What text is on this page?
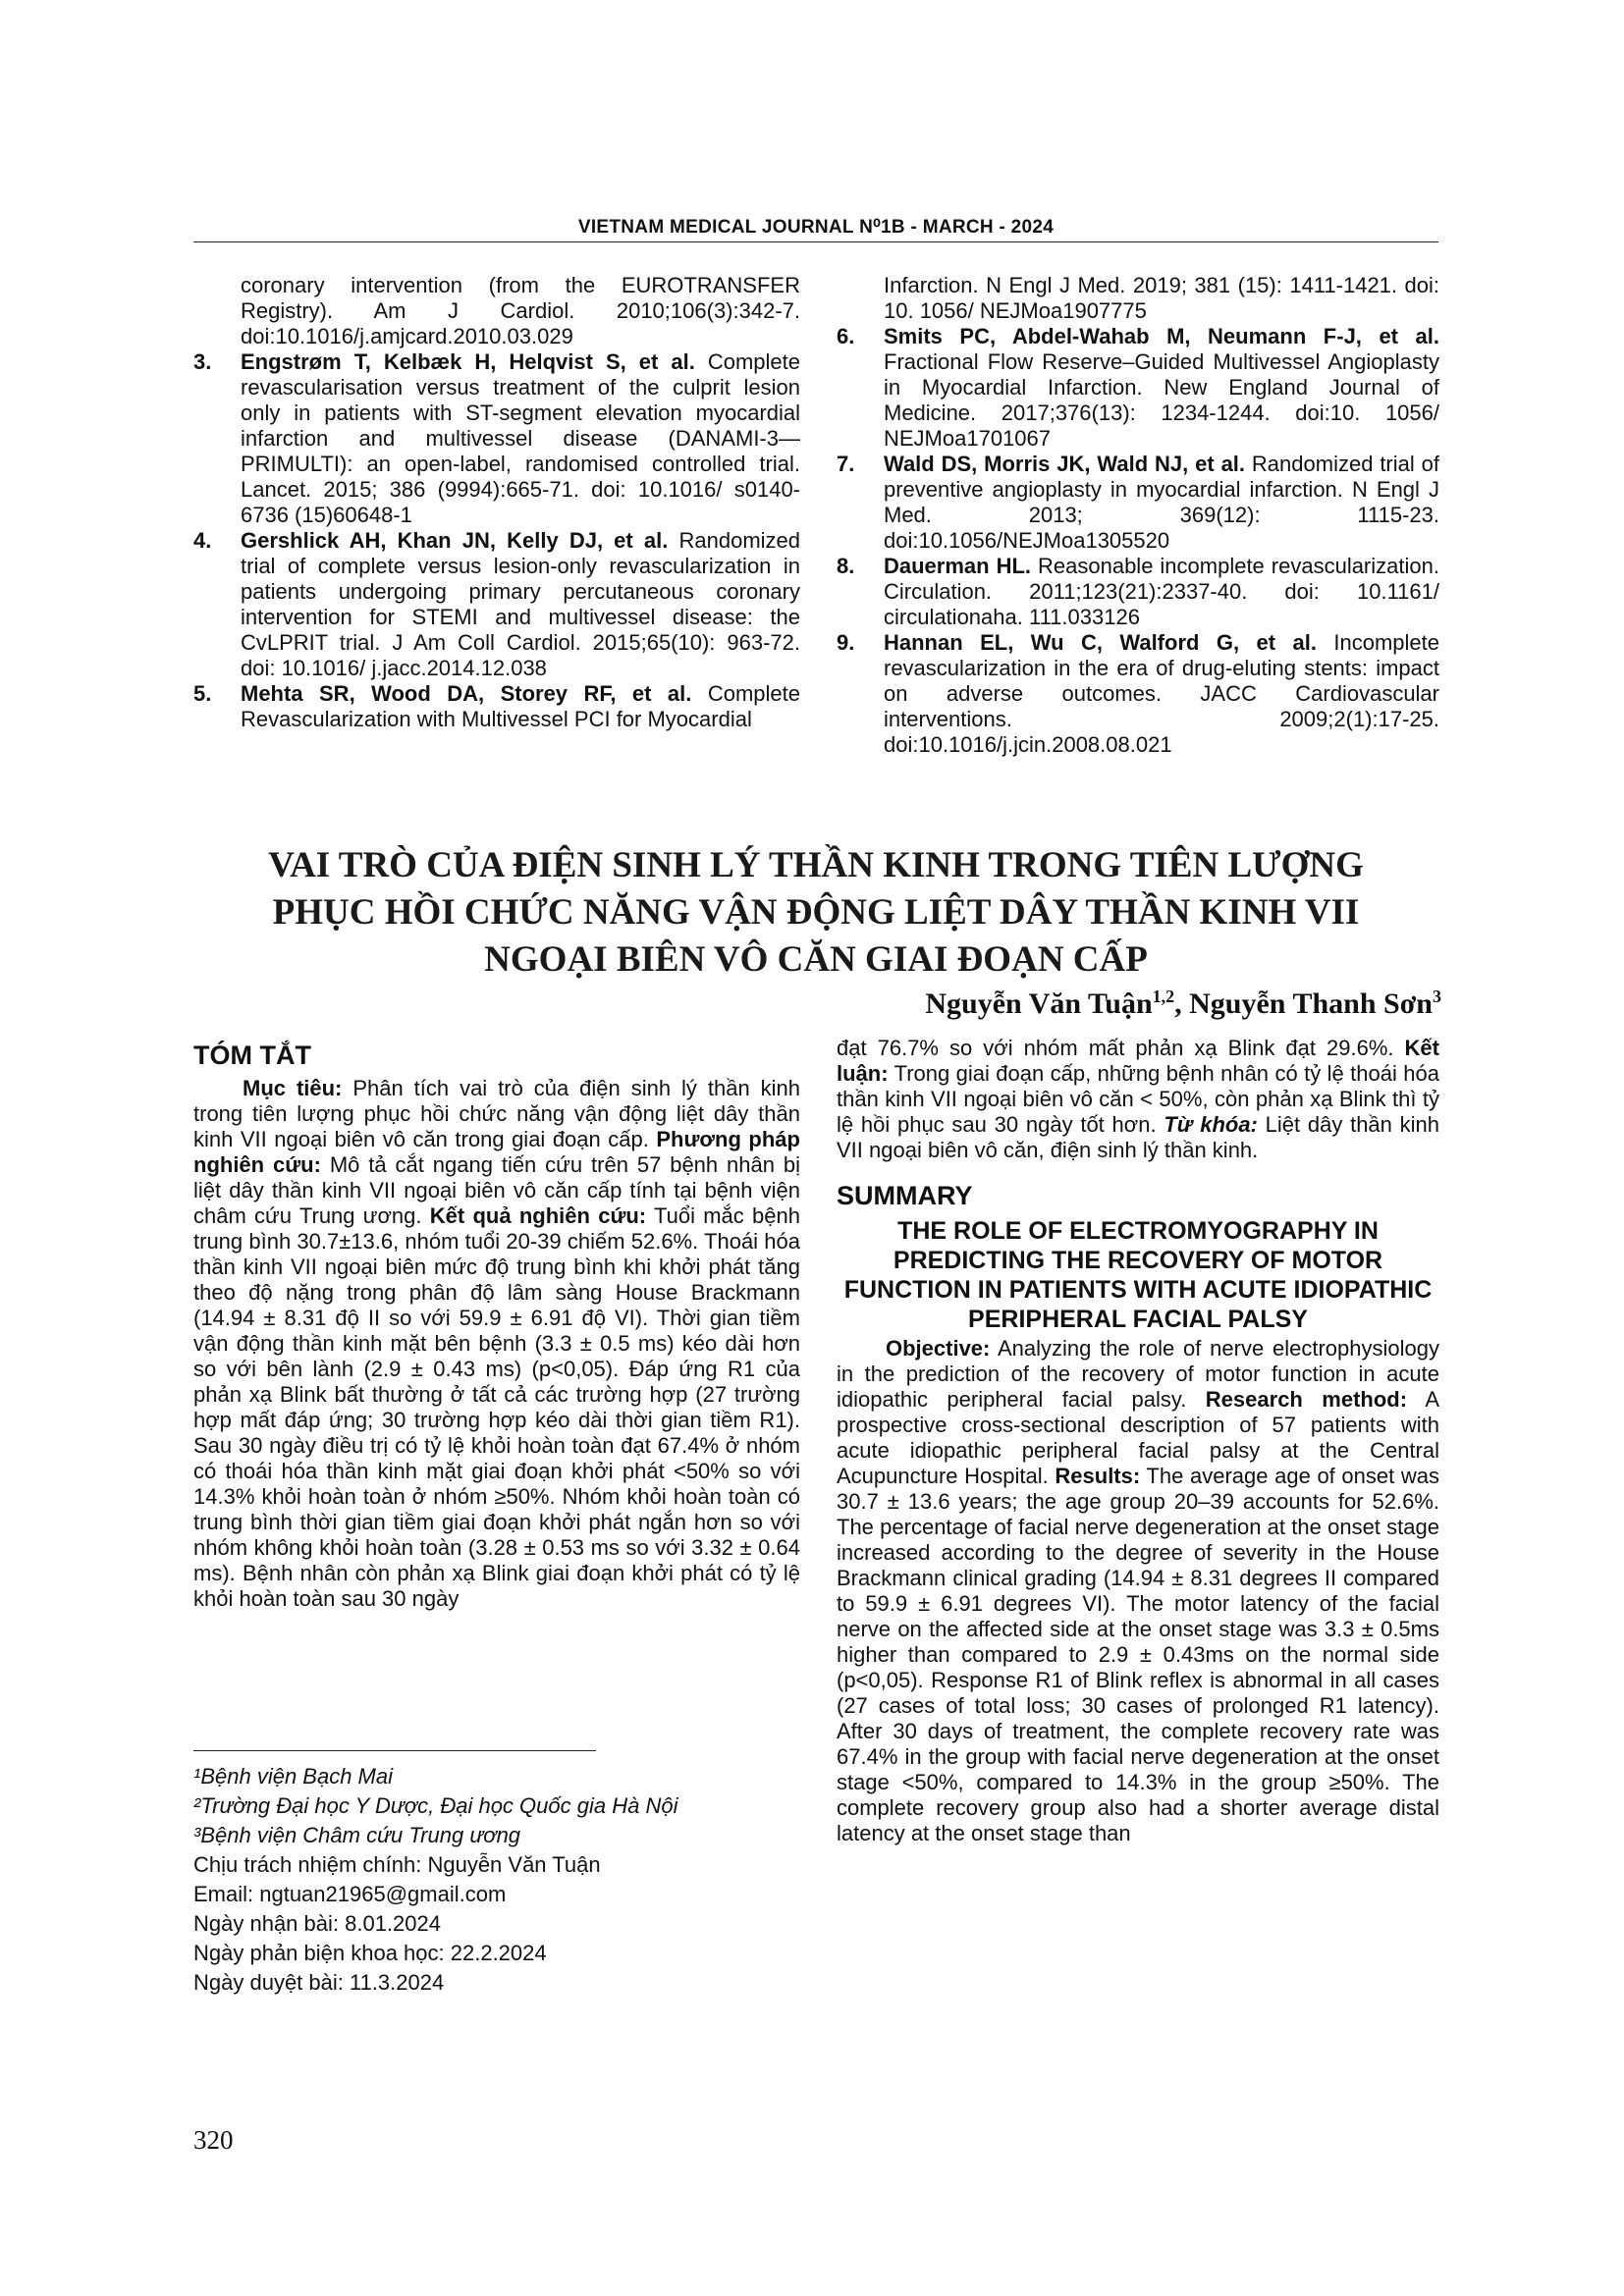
VIETNAM MEDICAL JOURNAL N⁰1B - MARCH - 2024

coronary intervention (from the EUROTRANSFER Registry). Am J Cardiol. 2010;106(3):342-7. doi:10.1016/j.amjcard.2010.03.029

3. Engstrøm T, Kelbæk H, Helqvist S, et al. Complete revascularisation versus treatment of the culprit lesion only in patients with ST-segment elevation myocardial infarction and multivessel disease (DANAMI-3—PRIMULTI): an open-label, randomised controlled trial. Lancet. 2015; 386 (9994):665-71. doi: 10.1016/ s0140-6736 (15)60648-1

4. Gershlick AH, Khan JN, Kelly DJ, et al. Randomized trial of complete versus lesion-only revascularization in patients undergoing primary percutaneous coronary intervention for STEMI and multivessel disease: the CvLPRIT trial. J Am Coll Cardiol. 2015;65(10): 963-72. doi: 10.1016/ j.jacc.2014.12.038

5. Mehta SR, Wood DA, Storey RF, et al. Complete Revascularization with Multivessel PCI for Myocardial

Infarction. N Engl J Med. 2019; 381 (15): 1411-1421. doi: 10. 1056/ NEJMoa1907775

6. Smits PC, Abdel-Wahab M, Neumann F-J, et al. Fractional Flow Reserve–Guided Multivessel Angioplasty in Myocardial Infarction. New England Journal of Medicine. 2017;376(13): 1234-1244. doi:10. 1056/ NEJMoa1701067

7. Wald DS, Morris JK, Wald NJ, et al. Randomized trial of preventive angioplasty in myocardial infarction. N Engl J Med. 2013; 369(12): 1115-23. doi:10.1056/NEJMoa1305520

8. Dauerman HL. Reasonable incomplete revascularization. Circulation. 2011;123(21):2337-40. doi: 10.1161/ circulationaha. 111.033126

9. Hannan EL, Wu C, Walford G, et al. Incomplete revascularization in the era of drug-eluting stents: impact on adverse outcomes. JACC Cardiovascular interventions. 2009;2(1):17-25. doi:10.1016/j.jcin.2008.08.021

VAI TRÒ CỦA ĐIỆN SINH LÝ THẦN KINH TRONG TIÊN LƯỢNG
PHỤC HỒI CHỨC NĂNG VẬN ĐỘNG LIỆT DÂY THẦN KINH VII
NGOẠI BIÊN VÔ CĂN GIAI ĐOẠN CẤP
Nguyễn Văn Tuận$^{1,2}$, Nguyễn Thanh Sơn$^3$
TÓM TẮT

Mục tiêu: Phân tích vai trò của điện sinh lý thần kinh trong tiên lượng phục hồi chức năng vận động liệt dây thần kinh VII ngoại biên vô căn trong giai đoạn cấp. Phương pháp nghiên cứu: Mô tả cắt ngang tiến cứu trên 57 bệnh nhân bị liệt dây thần kinh VII ngoại biên vô căn cấp tính tại bệnh viện châm cứu Trung ương. Kết quả nghiên cứu: Tuổi mắc bệnh trung bình 30.7±13.6, nhóm tuổi 20-39 chiếm 52.6%. Thoái hóa thần kinh VII ngoại biên mức độ trung bình khi khởi phát tăng theo độ nặng trong phân độ lâm sàng House Brackmann (14.94 ± 8.31 độ II so với 59.9 ± 6.91 độ VI). Thời gian tiềm vận động thần kinh mặt bên bệnh (3.3 ± 0.5 ms) kéo dài hơn so với bên lành (2.9 ± 0.43 ms) (p<0,05). Đáp ứng R1 của phản xạ Blink bất thường ở tất cả các trường hợp (27 trường hợp mất đáp ứng; 30 trường hợp kéo dài thời gian tiềm R1). Sau 30 ngày điều trị có tỷ lệ khỏi hoàn toàn đạt 67.4% ở nhóm có thoái hóa thần kinh mặt giai đoạn khởi phát <50% so với 14.3% khỏi hoàn toàn ở nhóm ≥50%. Nhóm khỏi hoàn toàn có trung bình thời gian tiềm giai đoạn khởi phát ngắn hơn so với nhóm không khỏi hoàn toàn (3.28 ± 0.53 ms so với 3.32 ± 0.64 ms). Bệnh nhân còn phản xạ Blink giai đoạn khởi phát có tỷ lệ khỏi hoàn toàn sau 30 ngày

đạt 76.7% so với nhóm mất phản xạ Blink đạt 29.6%. Kết luận: Trong giai đoạn cấp, những bệnh nhân có tỷ lệ thoái hóa thần kinh VII ngoại biên vô căn < 50%, còn phản xạ Blink thì tỷ lệ hồi phục sau 30 ngày tốt hơn. Từ khóa: Liệt dây thần kinh VII ngoại biên vô căn, điện sinh lý thần kinh.

SUMMARY
THE ROLE OF ELECTROMYOGRAPHY IN PREDICTING THE RECOVERY OF MOTOR FUNCTION IN PATIENTS WITH ACUTE IDIOPATHIC PERIPHERAL FACIAL PALSY

Objective: Analyzing the role of nerve electrophysiology in the prediction of the recovery of motor function in acute idiopathic peripheral facial palsy. Research method: A prospective cross-sectional description of 57 patients with acute idiopathic peripheral facial palsy at the Central Acupuncture Hospital. Results: The average age of onset was 30.7 ± 13.6 years; the age group 20–39 accounts for 52.6%. The percentage of facial nerve degeneration at the onset stage increased according to the degree of severity in the House Brackmann clinical grading (14.94 ± 8.31 degrees II compared to 59.9 ± 6.91 degrees VI). The motor latency of the facial nerve on the affected side at the onset stage was 3.3 ± 0.5ms higher than compared to 2.9 ± 0.43ms on the normal side (p<0,05). Response R1 of Blink reflex is abnormal in all cases (27 cases of total loss; 30 cases of prolonged R1 latency). After 30 days of treatment, the complete recovery rate was 67.4% in the group with facial nerve degeneration at the onset stage <50%, compared to 14.3% in the group ≥50%. The complete recovery group also had a shorter average distal latency at the onset stage than

¹Bệnh viện Bạch Mai
²Trường Đại học Y Dược, Đại học Quốc gia Hà Nội
³Bệnh viện Châm cứu Trung ương
Chịu trách nhiệm chính: Nguyễn Văn Tuận
Email: ngtuan21965@gmail.com
Ngày nhận bài: 8.01.2024
Ngày phản biện khoa học: 22.2.2024
Ngày duyệt bài: 11.3.2024
320
